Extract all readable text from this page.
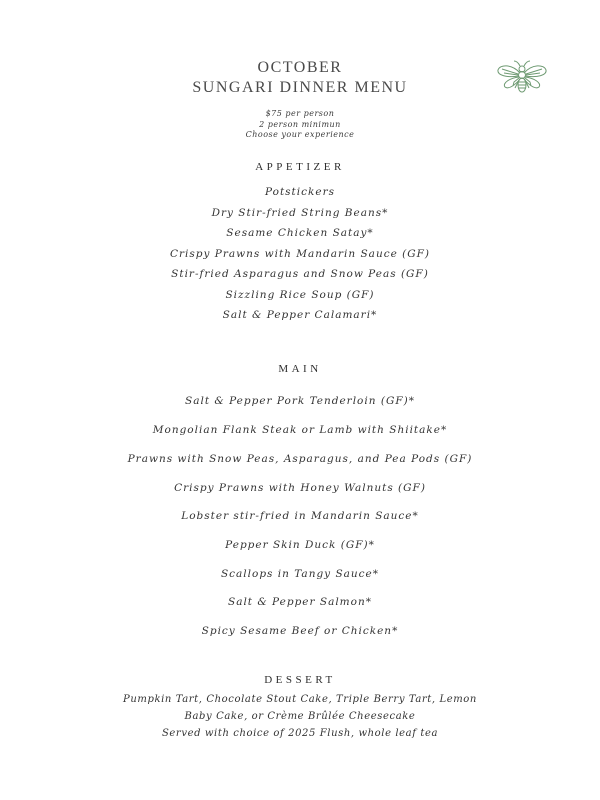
OCTOBER
SUNGARI DINNER MENU
$75 per person
2 person minimun
Choose your experience
APPETIZER
Potstickers
Dry Stir-fried String Beans*
Sesame Chicken Satay*
Crispy Prawns with Mandarin Sauce (GF)
Stir-fried Asparagus and Snow Peas (GF)
Sizzling Rice Soup (GF)
Salt & Pepper Calamari*
MAIN
Salt & Pepper Pork Tenderloin (GF)*
Mongolian Flank Steak or Lamb with Shiitake*
Prawns with Snow Peas, Asparagus, and Pea Pods (GF)
Crispy Prawns with Honey Walnuts (GF)
Lobster stir-fried in Mandarin Sauce*
Pepper Skin Duck (GF)*
Scallops in Tangy Sauce*
Salt & Pepper Salmon*
Spicy Sesame Beef or Chicken*
DESSERT
Pumpkin Tart, Chocolate Stout Cake, Triple Berry Tart, Lemon Baby Cake, or Crème Brûlée Cheesecake
Served with choice of 2025 Flush, whole leaf tea
